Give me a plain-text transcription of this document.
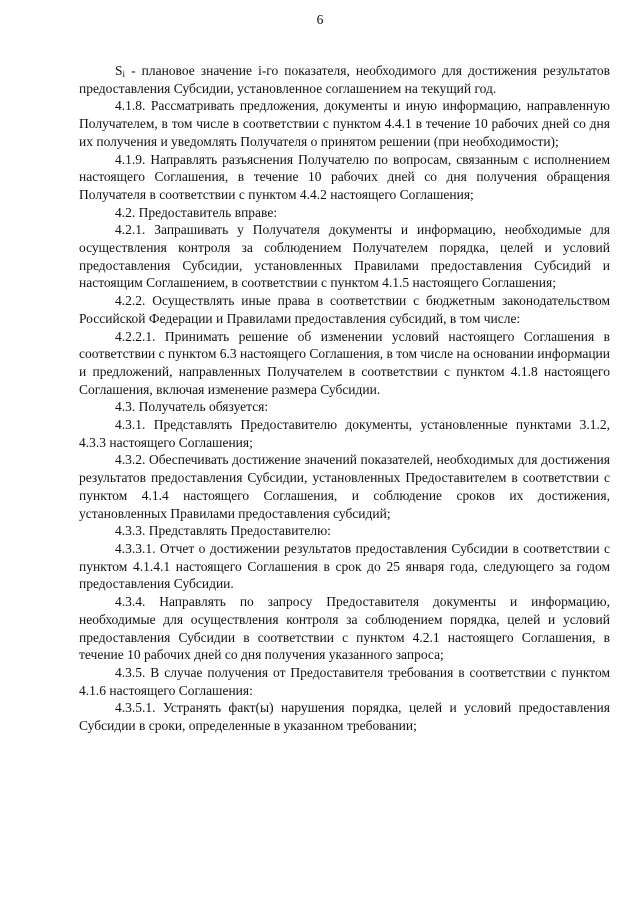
6

$S_i$ - плановое значение i-го показателя, необходимого для достижения результатов предоставления Субсидии, установленное соглашением на текущий год.

4.1.8. Рассматривать предложения, документы и иную информацию, направленную Получателем, в том числе в соответствии с пунктом 4.4.1 в течение 10 рабочих дней со дня их получения и уведомлять Получателя о принятом решении (при необходимости);

4.1.9. Направлять разъяснения Получателю по вопросам, связанным с исполнением настоящего Соглашения, в течение 10 рабочих дней со дня получения обращения Получателя в соответствии с пунктом 4.4.2 настоящего Соглашения;

4.2. Предоставитель вправе:

4.2.1. Запрашивать у Получателя документы и информацию, необходимые для осуществления контроля за соблюдением Получателем порядка, целей и условий предоставления Субсидии, установленных Правилами предоставления Субсидий и настоящим Соглашением, в соответствии с пунктом 4.1.5 настоящего Соглашения;

4.2.2. Осуществлять иные права в соответствии с бюджетным законодательством Российской Федерации и Правилами предоставления субсидий, в том числе:

4.2.2.1. Принимать решение об изменении условий настоящего Соглашения в соответствии с пунктом 6.3 настоящего Соглашения, в том числе на основании информации и предложений, направленных Получателем в соответствии с пунктом 4.1.8 настоящего Соглашения, включая изменение размера Субсидии.

4.3. Получатель обязуется:

4.3.1. Представлять Предоставителю документы, установленные пунктами 3.1.2, 4.3.3 настоящего Соглашения;

4.3.2. Обеспечивать достижение значений показателей, необходимых для достижения результатов предоставления Субсидии, установленных Предоставителем в соответствии с пунктом 4.1.4 настоящего Соглашения, и соблюдение сроков их достижения, установленных Правилами предоставления субсидий;

4.3.3. Представлять Предоставителю:

4.3.3.1. Отчет о достижении результатов предоставления Субсидии в соответствии с пунктом 4.1.4.1 настоящего Соглашения в срок до 25 января года, следующего за годом предоставления Субсидии.

4.3.4. Направлять по запросу Предоставителя документы и информацию, необходимые для осуществления контроля за соблюдением порядка, целей и условий предоставления Субсидии в соответствии с пунктом 4.2.1 настоящего Соглашения, в течение 10 рабочих дней со дня получения указанного запроса;

4.3.5. В случае получения от Предоставителя требования в соответствии с пунктом 4.1.6 настоящего Соглашения:

4.3.5.1. Устранять факт(ы) нарушения порядка, целей и условий предоставления Субсидии в сроки, определенные в указанном требовании;
